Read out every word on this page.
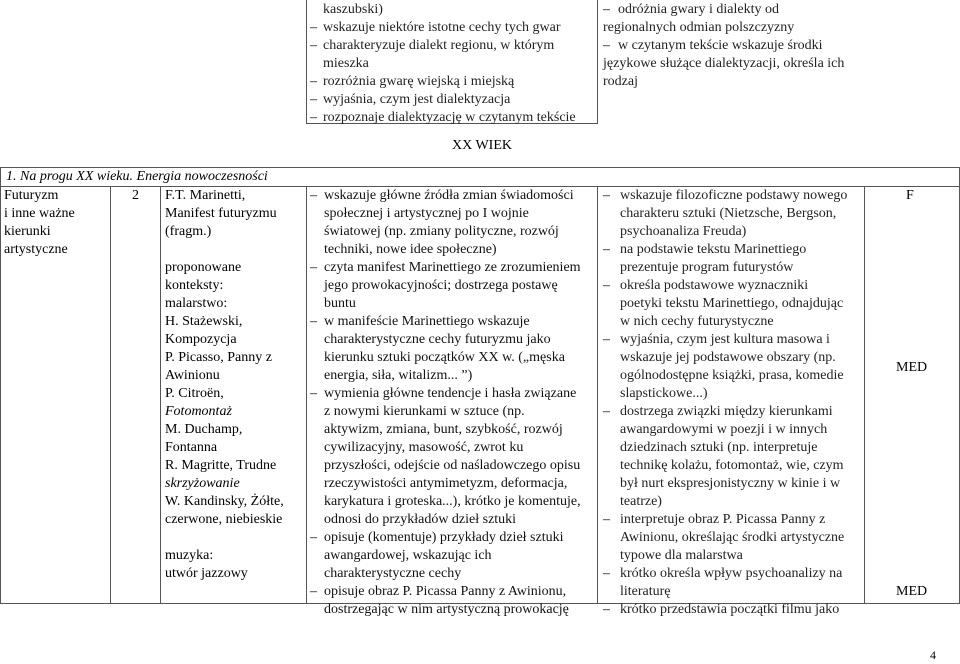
kaszubski)
– wskazuje niektóre istotne cechy tych gwar
– charakteryzuje dialekt regionu, w którym
mieszka
– rozróżnia gwarę wiejską i miejską
– wyjaśnia, czym jest dialektyzacja
– rozpoznaje dialektyzację w czytanym tekście
– odróżnia gwary i dialekty od
regionalnych odmian polszczyzny
– w czytanym tekście wskazuje środki
językowe służące dialektyzacji, określa ich
rodzaj
XX WIEK
1. Na progu XX wieku. Energia nowoczesności
Futuryzm
i inne ważne
kierunki
artystyczne
2 F.T. Marinetti,
Manifest futuryzmu
(fragm.)
proponowane
konteksty:
malarstwo:
H. Stażewski,
Kompozycja
P. Picasso, Panny z
Awinionu
P. Citroën,
Fotomontaż
M. Duchamp,
Fontanna
R. Magritte, Trudne
skrzyżowanie
W. Kandinsky, Żółte,
czerwone, niebieskie
muzyka:
utwór jazzowy
– wskazuje główne źródła zmian świadomości
społecznej i artystycznej po I wojnie
światowej (np. zmiany polityczne, rozwój
techniki, nowe idee społeczne)
– czyta manifest Marinettiego ze zrozumieniem
jego prowokacyjności; dostrzega postawę
buntu
– w manifeście Marinettiego wskazuje
charakterystyczne cechy futuryzmu jako
kierunku sztuki początków XX w. („męska
energia, siła, witalizm... ”)
– wymienia główne tendencje i hasła związane
z nowymi kierunkami w sztuce (np.
aktywizm, zmiana, bunt, szybkość, rozwój
cywilizacyjny, masowość, zwrot ku
przyszłości, odejście od naśladowczego opisu
rzeczywistości antymimetyzm, deformacja,
karykatura i groteska...), krótko je komentuje,
odnosi do przykładów dzieł sztuki
– opisuje (komentuje) przykłady dzieł sztuki
awangardowej, wskazując ich
charakterystyczne cechy
– opisuje obraz P. Picassa Panny z Awinionu,
dostrzegając w nim artystyczną prowokację
– wskazuje filozoficzne podstawy nowego
charakteru sztuki (Nietzsche, Bergson,
psychoanaliza Freuda)
– na podstawie tekstu Marinettiego
prezentuje program futurystów
– określa podstawowe wyznaczniki
poetyki tekstu Marinettiego, odnajdując
w nich cechy futurystyczne
– wyjaśnia, czym jest kultura masowa i
wskazuje jej podstawowe obszary (np.
ogólnodostępne książki, prasa, komedie
slapstickowe...)
– dostrzega związki między kierunkami
awangardowymi w poezji i w innych
dziedzinach sztuki (np. interpretuje
technikę kolażu, fotomontaż, wie, czym
był nurt ekspresjonistyczny w kinie i w
teatrze)
– interpretuje obraz P. Picassa Panny z
Awinionu, określając środki artystyczne
typowe dla malarstwa
– krótko określa wpływ psychoanalizy na
literaturę
– krótko przedstawia początki filmu jako
F
MED
MED
4
